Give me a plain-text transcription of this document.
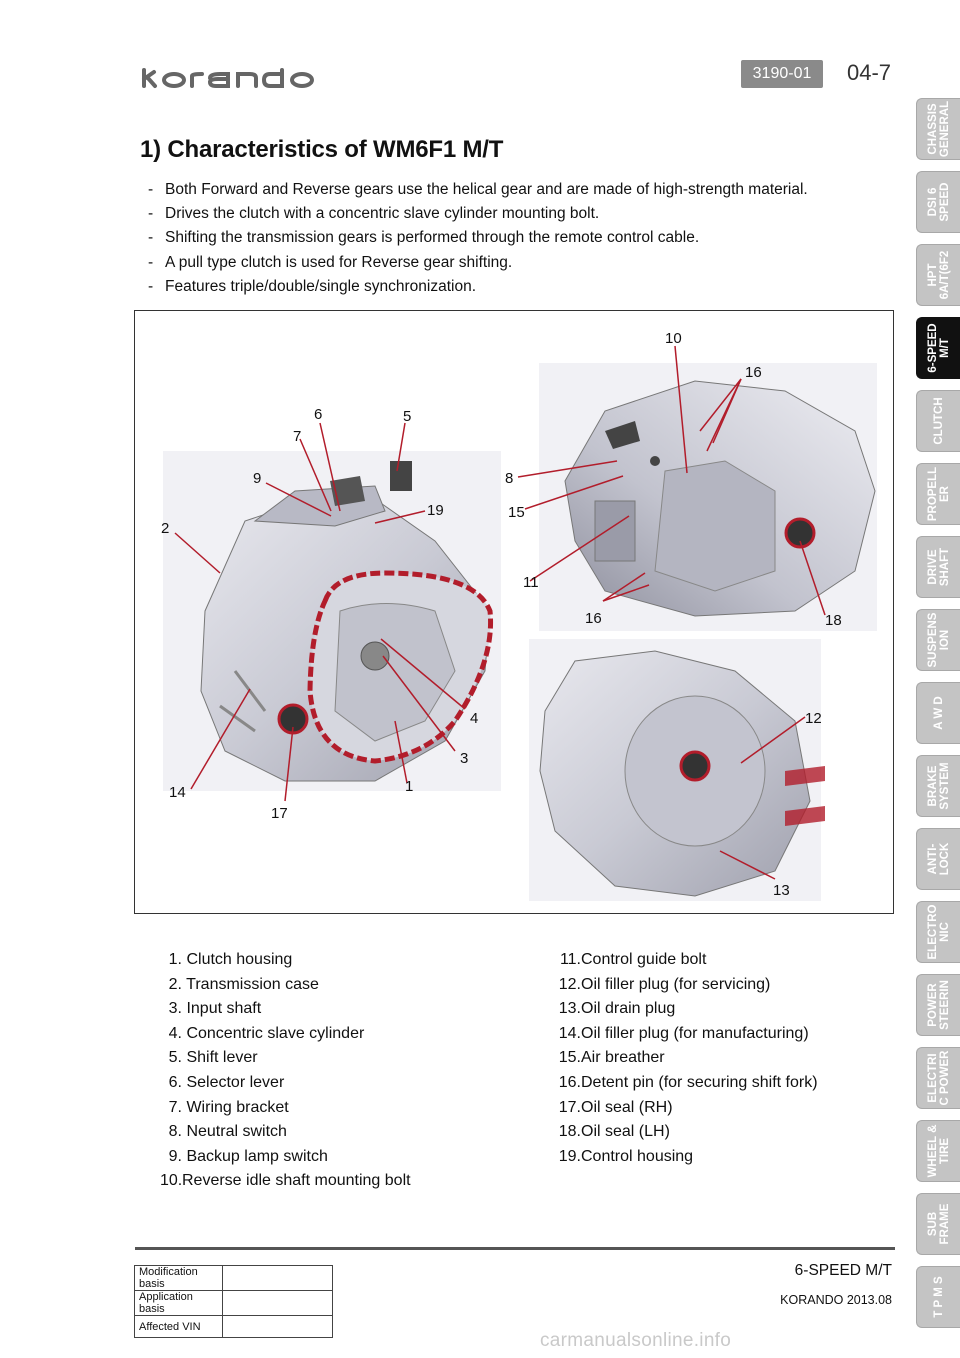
3190-01	04-7
CHASSIS
GENERAL
DSI 6
SPEED
HPT
6A/T(6F2
6-SPEED
M/T
CLUTCH
PROPELL
ER
DRIVE
SHAFT
SUSPENS
ION
A W D
BRAKE
SYSTEM
ANTI-
LOCK
ELECTRO
NIC
POWER
STEERIN
ELECTRI
C POWER
WHEEL &
TIRE
SUB
FRAME
T P M S
1) Characteristics of WM6F1 M/T
- Both Forward and Reverse gears use the helical gear and are made of high-strength material.
- Drives the clutch with a concentric slave cylinder mounting bolt.
- Shifting the transmission gears is performed through the remote control cable.
- A pull type clutch is used for Reverse gear shifting.
- Features triple/double/single synchronization.
1
2
3
4
5
6
7
8
9
10
11
12
13
14
15
16
16
17
18
19
1. Clutch housing
2. Transmission case
3. Input shaft
4. Concentric slave cylinder
5. Shift lever
6. Selector lever
7. Wiring bracket
8. Neutral switch
9. Backup lamp switch
10.Reverse idle shaft mounting bolt
11.Control guide bolt
12.Oil filler plug (for servicing)
13.Oil drain plug
14.Oil filler plug (for manufacturing)
15.Air breather
16.Detent pin (for securing shift fork)
17.Oil seal (RH)
18.Oil seal (LH)
19.Control housing
Modification basis	
Application basis	
Affected VIN	
6-SPEED M/T
KORANDO 2013.08
carmanualsonline.info
